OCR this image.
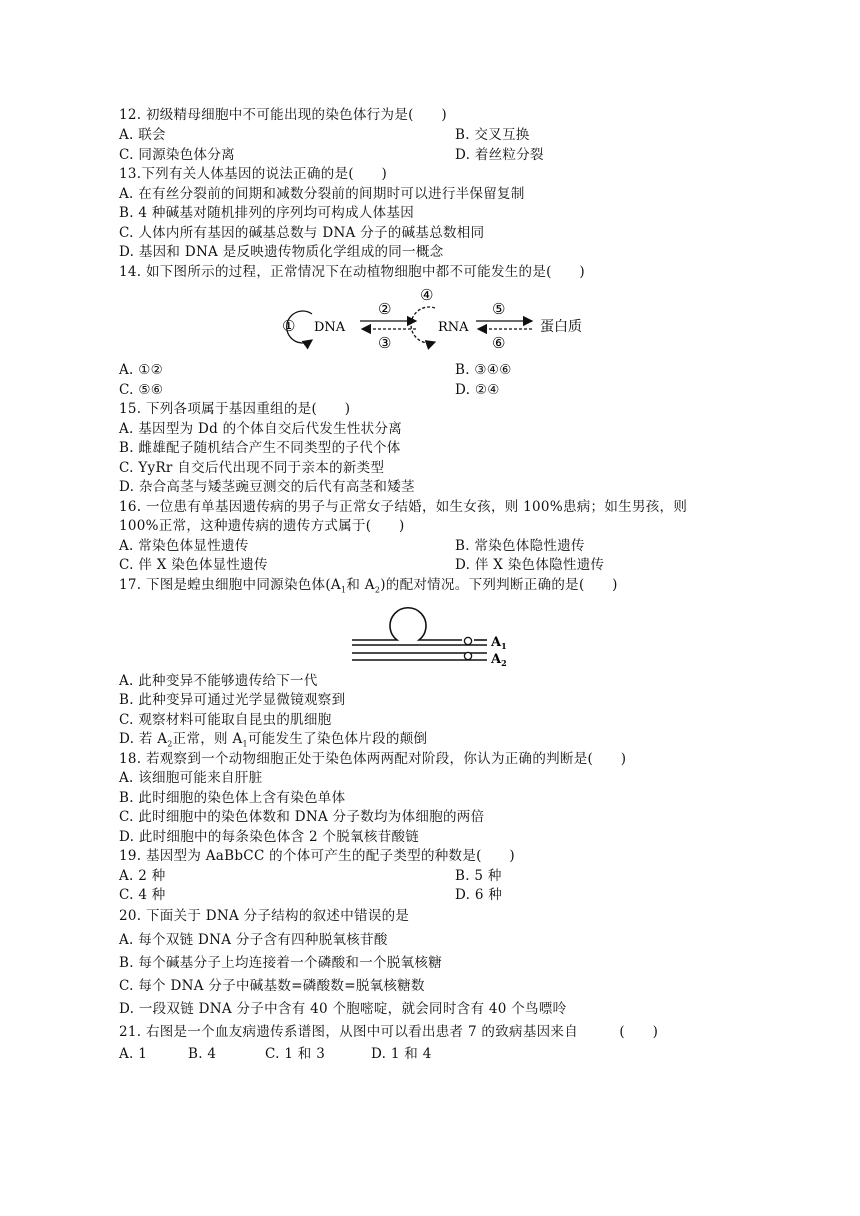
12. 初级精母细胞中不可能出现的染色体行为是(　　)
A. 联会	B. 交叉互换
C. 同源染色体分离	D. 着丝粒分裂
13.下列有关人体基因的说法正确的是(　　)
A. 在有丝分裂前的间期和减数分裂前的间期时可以进行半保留复制
B. 4 种碱基对随机排列的序列均可构成人体基因
C. 人体内所有基因的碱基总数与 DNA 分子的碱基总数相同
D. 基因和 DNA 是反映遗传物质化学组成的同一概念
14. 如下图所示的过程，正常情况下在动植物细胞中都不可能发生的是(　　)
① DNA
②
③
④
RNA
⑤
⑥
蛋白质
A. ①②	B. ③④⑥
C. ⑤⑥	D. ②④
15. 下列各项属于基因重组的是(　　)
A. 基因型为 Dd 的个体自交后代发生性状分离
B. 雌雄配子随机结合产生不同类型的子代个体
C. YyRr 自交后代出现不同于亲本的新类型
D. 杂合高茎与矮茎豌豆测交的后代有高茎和矮茎
16. 一位患有单基因遗传病的男子与正常女子结婚，如生女孩，则 100%患病；如生男孩，则
100%正常，这种遗传病的遗传方式属于(　　)
A. 常染色体显性遗传	B. 常染色体隐性遗传
C. 伴 X 染色体显性遗传	D. 伴 X 染色体隐性遗传
17. 下图是蝗虫细胞中同源染色体($A_1$和 $A_2$)的配对情况。下列判断正确的是(　　)
$A_1$
$A_2$
A. 此种变异不能够遗传给下一代
B. 此种变异可通过光学显微镜观察到
C. 观察材料可能取自昆虫的肌细胞
D. 若 $A_2$正常，则 $A_1$可能发生了染色体片段的颠倒
18. 若观察到一个动物细胞正处于染色体两两配对阶段，你认为正确的判断是(　　)
A. 该细胞可能来自肝脏
B. 此时细胞的染色体上含有染色单体
C. 此时细胞中的染色体数和 DNA 分子数均为体细胞的两倍
D. 此时细胞中的每条染色体含 2 个脱氧核苷酸链
19. 基因型为 AaBbCC 的个体可产生的配子类型的种数是(　　)
A. 2 种	B. 5 种
C. 4 种	D. 6 种
20. 下面关于 DNA 分子结构的叙述中错误的是
A. 每个双链 DNA 分子含有四种脱氧核苷酸
B. 每个碱基分子上均连接着一个磷酸和一个脱氧核糖
C. 每个 DNA 分子中碱基数=磷酸数=脱氧核糖数
D. 一段双链 DNA 分子中含有 40 个胞嘧啶，就会同时含有 40 个鸟嘌呤
21. 右图是一个血友病遗传系谱图，从图中可以看出患者 7 的致病基因来自　　　(　　)
A. 1	B. 4	C. 1 和 3	D. 1 和 4
